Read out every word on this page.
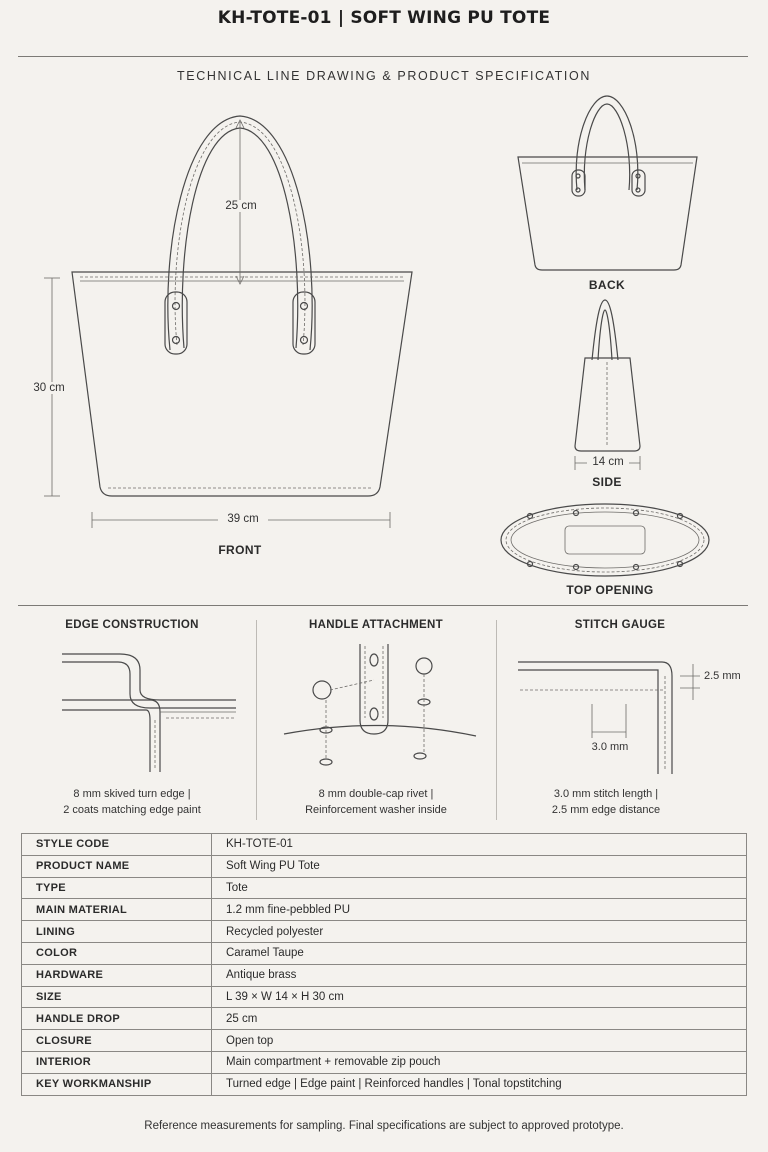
KH-TOTE-01 | SOFT WING PU TOTE
TECHNICAL LINE DRAWING & PRODUCT SPECIFICATION
25 cm
30 cm
39 cm
FRONT
BACK
14 cm
SIDE
TOP OPENING
EDGE CONSTRUCTION	HANDLE ATTACHMENT	STITCH GAUGE
8 mm skived turn edge |
2 coats matching edge paint
8 mm double-cap rivet |
Reinforcement washer inside
3.0 mm
2.5 mm
3.0 mm stitch length |
2.5 mm edge distance
STYLE CODE	KH-TOTE-01
PRODUCT NAME	Soft Wing PU Tote
TYPE	Tote
MAIN MATERIAL	1.2 mm fine-pebbled PU
LINING	Recycled polyester
COLOR	Caramel Taupe
HARDWARE	Antique brass
SIZE	L 39 × W 14 × H 30 cm
HANDLE DROP	25 cm
CLOSURE	Open top
INTERIOR	Main compartment + removable zip pouch
KEY WORKMANSHIP	Turned edge | Edge paint | Reinforced handles | Tonal topstitching
Reference measurements for sampling. Final specifications are subject to approved prototype.
